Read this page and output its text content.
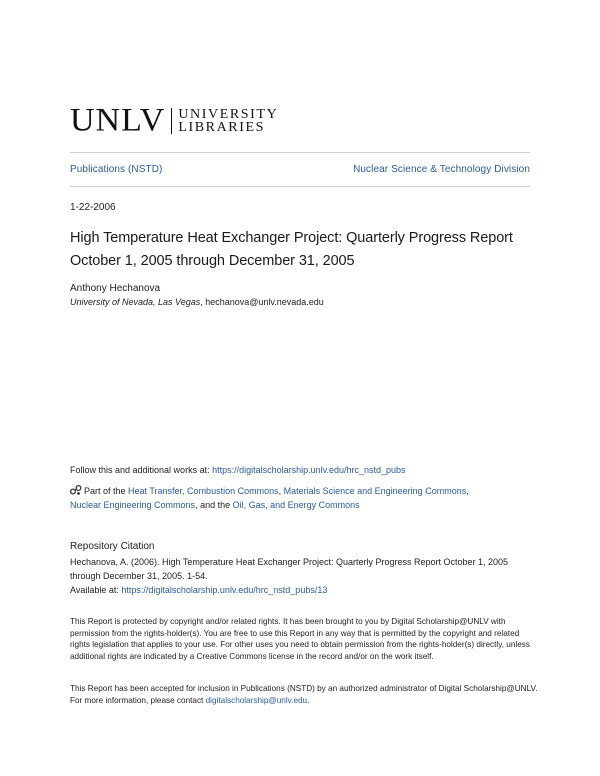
UNLV UNIVERSITY
LIBRARIES
Publications (NSTD)	Nuclear Science & Technology Division
1-22-2006
High Temperature Heat Exchanger Project: Quarterly Progress Report October 1, 2005 through December 31, 2005
Anthony Hechanova
University of Nevada, Las Vegas, hechanova@unlv.nevada.edu
Follow this and additional works at: https://digitalscholarship.unlv.edu/hrc_nstd_pubs
Part of the Heat Transfer, Combustion Commons, Materials Science and Engineering Commons,
Nuclear Engineering Commons, and the Oil, Gas, and Energy Commons
Repository Citation
Hechanova, A. (2006). High Temperature Heat Exchanger Project: Quarterly Progress Report October 1, 2005 through December 31, 2005. 1-54.
Available at: https://digitalscholarship.unlv.edu/hrc_nstd_pubs/13
This Report is protected by copyright and/or related rights. It has been brought to you by Digital Scholarship@UNLV with permission from the rights-holder(s). You are free to use this Report in any way that is permitted by the copyright and related rights legislation that applies to your use. For other uses you need to obtain permission from the rights-holder(s) directly, unless additional rights are indicated by a Creative Commons license in the record and/or on the work itself.
This Report has been accepted for inclusion in Publications (NSTD) by an authorized administrator of Digital Scholarship@UNLV. For more information, please contact digitalscholarship@unlv.edu.
